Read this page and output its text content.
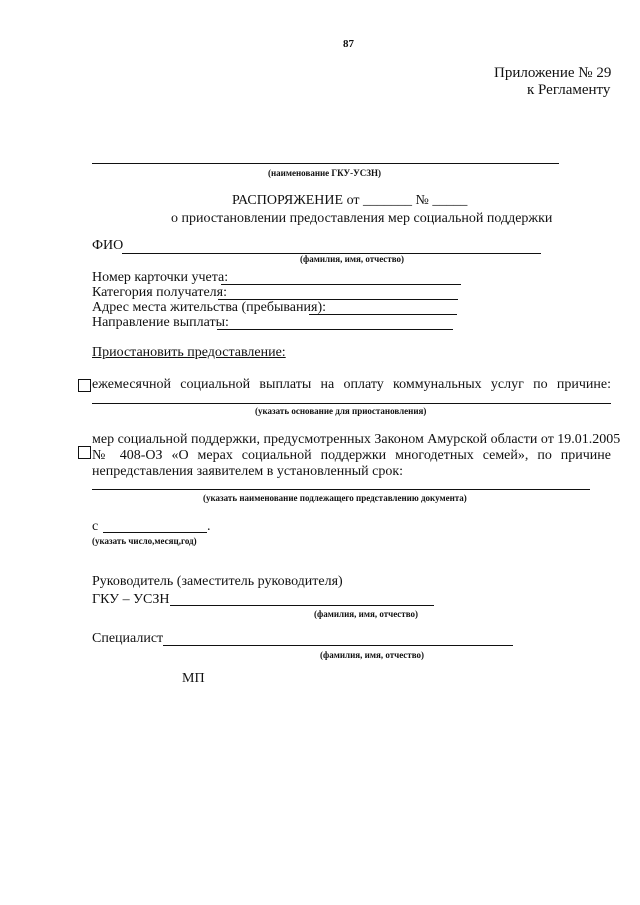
87
Приложение № 29
к Регламенту
(наименование ГКУ-УСЗН)
РАСПОРЯЖЕНИЕ от _______ № _____
о приостановлении предоставления мер социальной поддержки
ФИО
(фамилия, имя, отчество)
Номер карточки учета:
Категория получателя:
Адрес места жительства (пребывания):
Направление выплаты:
Приостановить предоставление:
ежемесячной социальной выплаты на оплату коммунальных услуг по причине:
(указать основание для приостановления)
мер социальной поддержки, предусмотренных Законом Амурской области от 19.01.2005
№ 408-ОЗ «О мерах социальной поддержки многодетных семей», по причине
непредставления заявителем в установленный срок:
(указать наименование подлежащего представлению документа)
с	.
(указать число,месяц,год)
Руководитель (заместитель руководителя)
ГКУ – УСЗН
(фамилия, имя, отчество)
Специалист
(фамилия, имя, отчество)
МП
